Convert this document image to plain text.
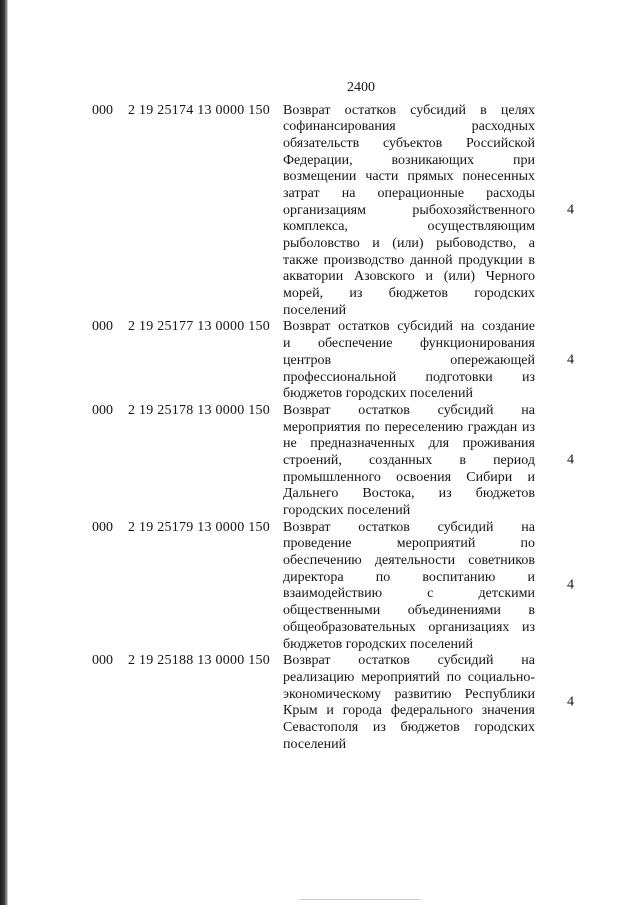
2400
000 2 19 25174 13 0000 150 Возврат остатков субсидий в целях
софинансирования расходных
обязательств субъектов Российской
Федерации, возникающих при
возмещении части прямых понесенных
затрат на операционные расходы
организациям рыбохозяйственного
комплекса, осуществляющим
рыболовство и (или) рыбоводство, а
также производство данной продукции в
акватории Азовского и (или) Черного
морей, из бюджетов городских
поселений
4
000 2 19 25177 13 0000 150 Возврат остатков субсидий на создание
и обеспечение функционирования
центров опережающей
профессиональной подготовки из
бюджетов городских поселений
4
000 2 19 25178 13 0000 150 Возврат остатков субсидий на
мероприятия по переселению граждан из
не предназначенных для проживания
строений, созданных в период
промышленного освоения Сибири и
Дальнего Востока, из бюджетов
городских поселений
4
000 2 19 25179 13 0000 150 Возврат остатков субсидий на
проведение мероприятий по
обеспечению деятельности советников
директора по воспитанию и
взаимодействию с детскими
общественными объединениями в
общеобразовательных организациях из
бюджетов городских поселений
4
000 2 19 25188 13 0000 150 Возврат остатков субсидий на
реализацию мероприятий по социально-
экономическому развитию Республики
Крым и города федерального значения
Севастополя из бюджетов городских
поселений
4
